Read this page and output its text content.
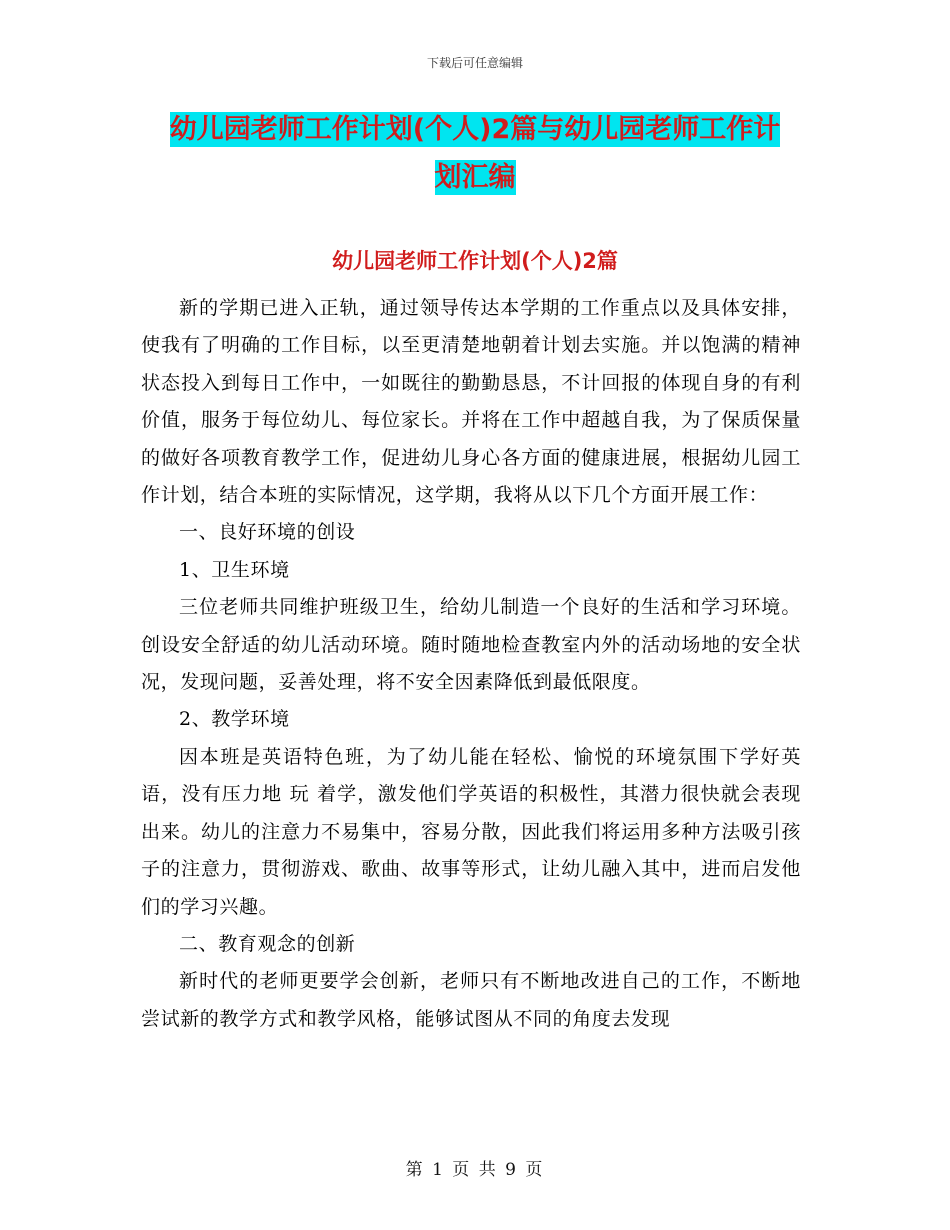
下载后可任意编辑
幼儿园老师工作计划(个人)2篇与幼儿园老师工作计
划汇编
幼儿园老师工作计划(个人)2篇

新的学期已进入正轨，通过领导传达本学期的工作重点以及具体安排，使我有了明确的工作目标，以至更清楚地朝着计划去实施。并以饱满的精神状态投入到每日工作中，一如既往的勤勤恳恳，不计回报的体现自身的有利价值，服务于每位幼儿、每位家长。并将在工作中超越自我，为了保质保量的做好各项教育教学工作，促进幼儿身心各方面的健康进展，根据幼儿园工作计划，结合本班的实际情况，这学期，我将从以下几个方面开展工作：

一、良好环境的创设

1、卫生环境

三位老师共同维护班级卫生，给幼儿制造一个良好的生活和学习环境。创设安全舒适的幼儿活动环境。随时随地检查教室内外的活动场地的安全状况，发现问题，妥善处理，将不安全因素降低到最低限度。

2、教学环境

因本班是英语特色班，为了幼儿能在轻松、愉悦的环境氛围下学好英语，没有压力地 玩 着学，激发他们学英语的积极性，其潜力很快就会表现出来。幼儿的注意力不易集中，容易分散，因此我们将运用多种方法吸引孩子的注意力，贯彻游戏、歌曲、故事等形式，让幼儿融入其中，进而启发他们的学习兴趣。

二、教育观念的创新

新时代的老师更要学会创新，老师只有不断地改进自己的工作，不断地尝试新的教学方式和教学风格，能够试图从不同的角度去发现

第 1 页 共 9 页
